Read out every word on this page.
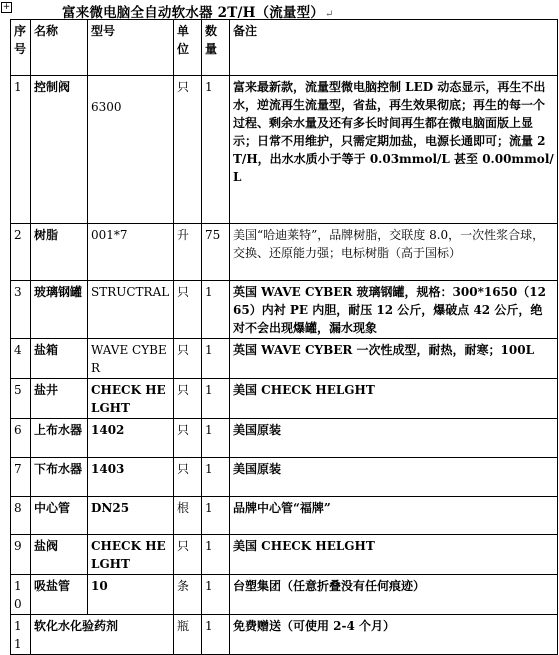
+	富来微电脑全自动软水器 2T/H（流量型）↵
序号	名称	型号	单位	数量	备注
1	控制阀	6300	只	1	富来最新款，流量型微电脑控制 LED 动态显示，再生不出水，逆流再生流量型，省盐，再生效果彻底；再生的每一个过程、剩余水量及还有多长时间再生都在微电脑面版上显示；日常不用维护，只需定期加盐，电源长通即可；流量 2T/H，出水水质小于等于 0.03mmol/L 甚至 0.00mmol/L
2	树脂	001*7	升	75	美国“哈迪莱特”，品牌树脂，交联度 8.0，一次性浆合球，交换、还原能力强；电标树脂（高于国标）
3	玻璃钢罐	STRUCTRAL	只	1	英国 WAVE CYBER 玻璃钢罐，规格：300*1650（1265）内衬 PE 内胆，耐压 12 公斤，爆破点 42 公斤，绝对不会出现爆罐，漏水现象
4	盐箱	WAVE CYBER	只	1	英国 WAVE CYBER 一次性成型，耐热，耐寒；100L
5	盐井	CHECK HELGHT	只	1	美国 CHECK HELGHT
6	上布水器	1402	只	1	美国原装
7	下布水器	1403	只	1	美国原装
8	中心管	DN25	根	1	品牌中心管“福牌”
9	盐阀	CHECK HELGHT	只	1	美国 CHECK HELGHT
10	吸盐管	10	条	1	台塑集团（任意折叠没有任何痕迹）
11	软化水化验药剂		瓶	1	免费赠送（可使用 2-4 个月）
